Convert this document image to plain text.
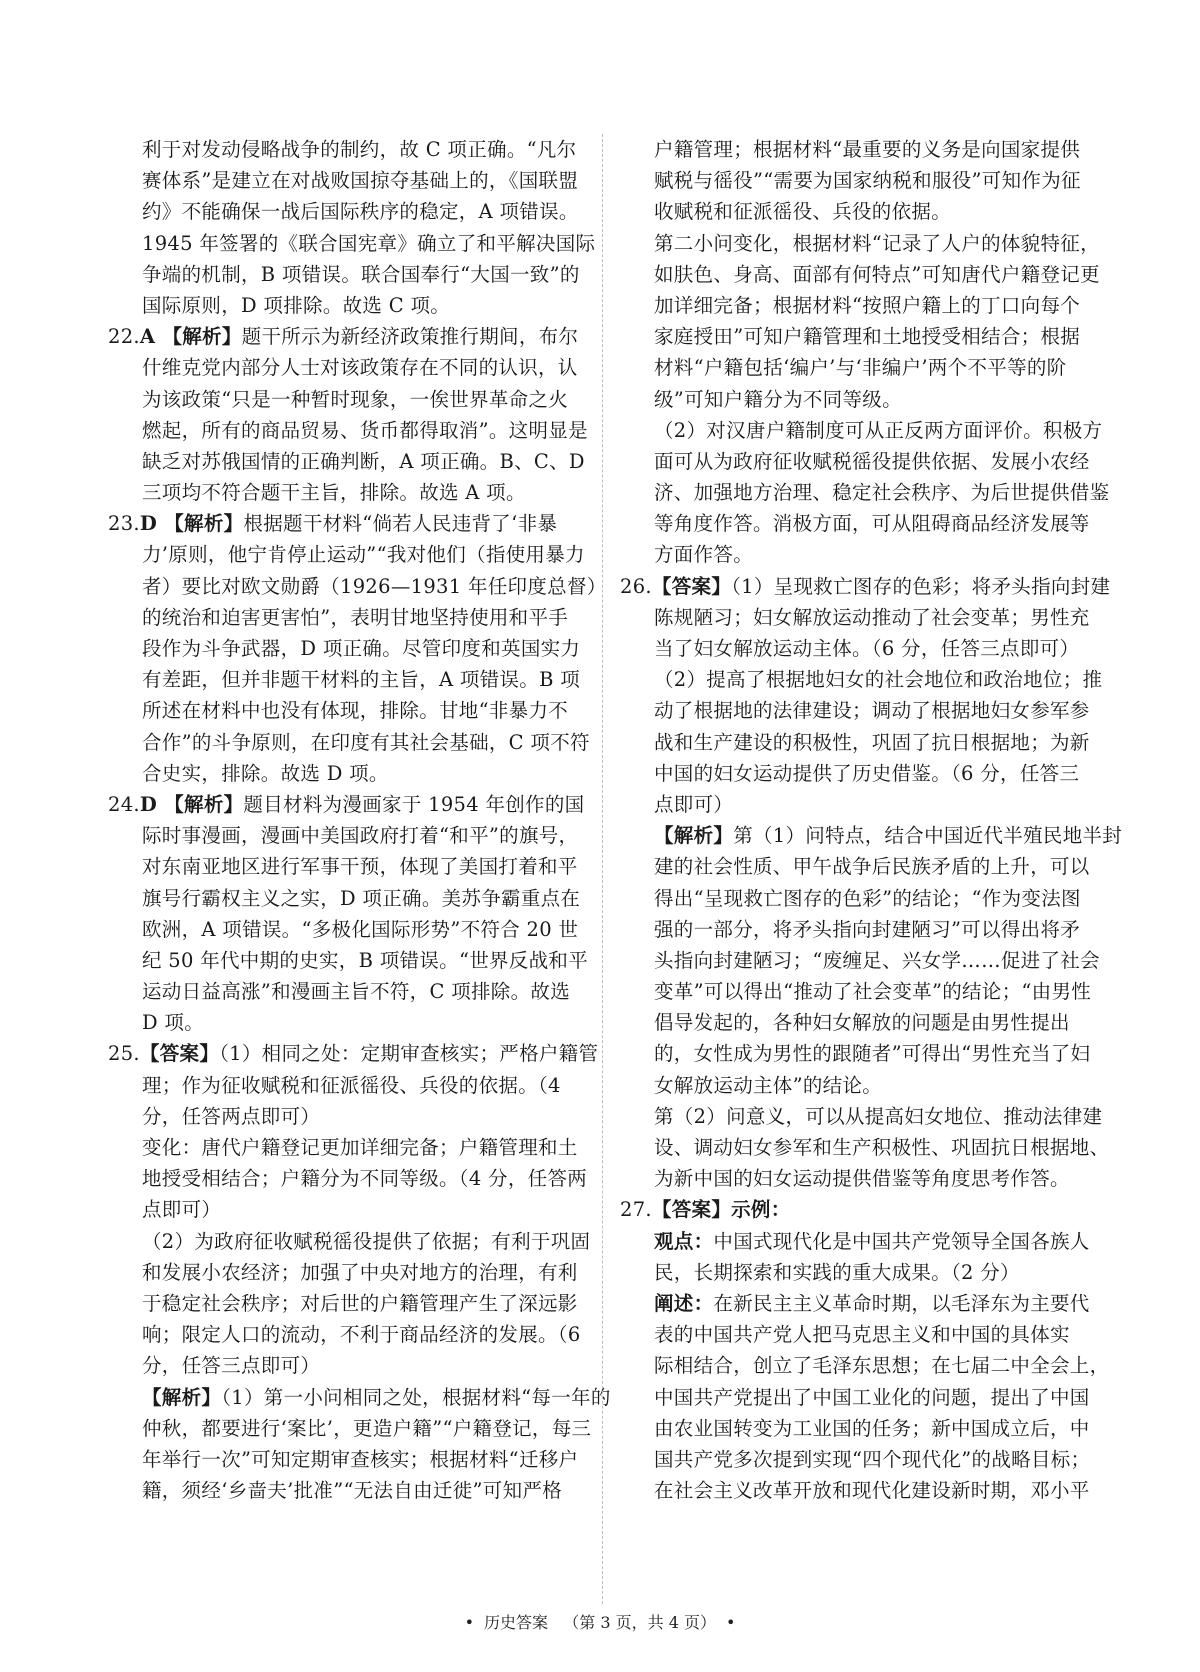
利于对发动侵略战争的制约，故 C 项正确。“凡尔
赛体系”是建立在对战败国掠夺基础上的，《国联盟
约》不能确保一战后国际秩序的稳定，A 项错误。
1945 年签署的《联合国宪章》确立了和平解决国际
争端的机制，B 项错误。联合国奉行“大国一致”的
国际原则，D 项排除。故选 C 项。
22.A 【解析】题干所示为新经济政策推行期间，布尔
什维克党内部分人士对该政策存在不同的认识，认
为该政策“只是一种暂时现象，一俟世界革命之火
燃起，所有的商品贸易、货币都得取消”。这明显是
缺乏对苏俄国情的正确判断，A 项正确。B、C、D
三项均不符合题干主旨，排除。故选 A 项。
23.D 【解析】根据题干材料“倘若人民违背了‘非暴
力’原则，他宁肯停止运动”“我对他们（指使用暴力
者）要比对欧文勋爵（1926—1931 年任印度总督）
的统治和迫害更害怕”，表明甘地坚持使用和平手
段作为斗争武器，D 项正确。尽管印度和英国实力
有差距，但并非题干材料的主旨，A 项错误。B 项
所述在材料中也没有体现，排除。甘地“非暴力不
合作”的斗争原则，在印度有其社会基础，C 项不符
合史实，排除。故选 D 项。
24.D 【解析】题目材料为漫画家于 1954 年创作的国
际时事漫画，漫画中美国政府打着“和平”的旗号，
对东南亚地区进行军事干预，体现了美国打着和平
旗号行霸权主义之实，D 项正确。美苏争霸重点在
欧洲，A 项错误。“多极化国际形势”不符合 20 世
纪 50 年代中期的史实，B 项错误。“世界反战和平
运动日益高涨”和漫画主旨不符，C 项排除。故选
D 项。
25.【答案】（1）相同之处：定期审查核实；严格户籍管
理；作为征收赋税和征派徭役、兵役的依据。（4
分，任答两点即可）
变化：唐代户籍登记更加详细完备；户籍管理和土
地授受相结合；户籍分为不同等级。（4 分，任答两
点即可）
（2）为政府征收赋税徭役提供了依据；有利于巩固
和发展小农经济；加强了中央对地方的治理，有利
于稳定社会秩序；对后世的户籍管理产生了深远影
响；限定人口的流动，不利于商品经济的发展。（6
分，任答三点即可）
【解析】（1）第一小问相同之处，根据材料“每一年的
仲秋，都要进行‘案比’，更造户籍”“户籍登记，每三
年举行一次”可知定期审查核实；根据材料“迁移户
籍，须经‘乡啬夫’批准”“无法自由迁徙”可知严格
户籍管理；根据材料“最重要的义务是向国家提供
赋税与徭役”“需要为国家纳税和服役”可知作为征
收赋税和征派徭役、兵役的依据。
第二小问变化，根据材料“记录了人户的体貌特征，
如肤色、身高、面部有何特点”可知唐代户籍登记更
加详细完备；根据材料“按照户籍上的丁口向每个
家庭授田”可知户籍管理和土地授受相结合；根据
材料“户籍包括‘编户’与‘非编户’两个不平等的阶
级”可知户籍分为不同等级。
（2）对汉唐户籍制度可从正反两方面评价。积极方
面可从为政府征收赋税徭役提供依据、发展小农经
济、加强地方治理、稳定社会秩序、为后世提供借鉴
等角度作答。消极方面，可从阻碍商品经济发展等
方面作答。
26.【答案】（1）呈现救亡图存的色彩；将矛头指向封建
陈规陋习；妇女解放运动推动了社会变革；男性充
当了妇女解放运动主体。（6 分，任答三点即可）
（2）提高了根据地妇女的社会地位和政治地位；推
动了根据地的法律建设；调动了根据地妇女参军参
战和生产建设的积极性，巩固了抗日根据地；为新
中国的妇女运动提供了历史借鉴。（6 分，任答三
点即可）
【解析】第（1）问特点，结合中国近代半殖民地半封
建的社会性质、甲午战争后民族矛盾的上升，可以
得出“呈现救亡图存的色彩”的结论；“作为变法图
强的一部分，将矛头指向封建陋习”可以得出将矛
头指向封建陋习；“废缠足、兴女学……促进了社会
变革”可以得出“推动了社会变革”的结论；“由男性
倡导发起的，各种妇女解放的问题是由男性提出
的，女性成为男性的跟随者”可得出“男性充当了妇
女解放运动主体”的结论。
第（2）问意义，可以从提高妇女地位、推动法律建
设、调动妇女参军和生产积极性、巩固抗日根据地、
为新中国的妇女运动提供借鉴等角度思考作答。
27.【答案】示例：
观点：中国式现代化是中国共产党领导全国各族人
民，长期探索和实践的重大成果。（2 分）
阐述：在新民主主义革命时期，以毛泽东为主要代
表的中国共产党人把马克思主义和中国的具体实
际相结合，创立了毛泽东思想；在七届二中全会上，
中国共产党提出了中国工业化的问题，提出了中国
由农业国转变为工业国的任务；新中国成立后，中
国共产党多次提到实现“四个现代化”的战略目标；
在社会主义改革开放和现代化建设新时期，邓小平
• 历史答案 （第 3 页，共 4 页） •
